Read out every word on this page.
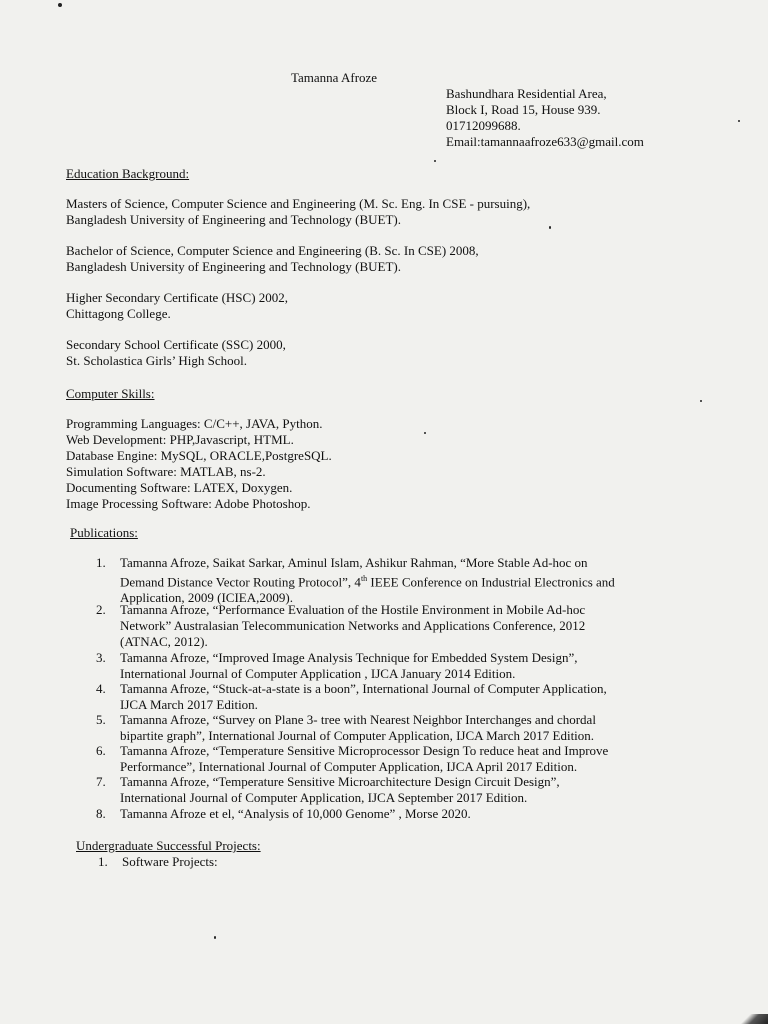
Tamanna Afroze
Bashundhara Residential Area,
Block I, Road 15, House 939.
01712099688.
Email:tamannaafroze633@gmail.com
Education Background:
Masters of Science, Computer Science and Engineering (M. Sc. Eng. In CSE - pursuing),
Bangladesh University of Engineering and Technology (BUET).
Bachelor of Science, Computer Science and Engineering (B. Sc. In CSE) 2008,
Bangladesh University of Engineering and Technology (BUET).
Higher Secondary Certificate (HSC) 2002,
Chittagong College.
Secondary School Certificate (SSC) 2000,
St. Scholastica Girls’ High School.
Computer Skills:
Programming Languages: C/C++, JAVA, Python.
Web Development: PHP,Javascript, HTML.
Database Engine: MySQL, ORACLE,PostgreSQL.
Simulation Software: MATLAB, ns-2.
Documenting Software: LATEX, Doxygen.
Image Processing Software: Adobe Photoshop.
Publications:
1. Tamanna Afroze, Saikat Sarkar, Aminul Islam, Ashikur Rahman, “More Stable Ad-hoc on
Demand Distance Vector Routing Protocol”, 4th IEEE Conference on Industrial Electronics and
Application, 2009 (ICIEA,2009).
2. Tamanna Afroze, “Performance Evaluation of the Hostile Environment in Mobile Ad-hoc
Network” Australasian Telecommunication Networks and Applications Conference, 2012
(ATNAC, 2012).
3. Tamanna Afroze, “Improved Image Analysis Technique for Embedded System Design”,
International Journal of Computer Application , IJCA January 2014 Edition.
4. Tamanna Afroze, “Stuck-at-a-state is a boon”, International Journal of Computer Application,
IJCA March 2017 Edition.
5. Tamanna Afroze, “Survey on Plane 3- tree with Nearest Neighbor Interchanges and chordal
bipartite graph”, International Journal of Computer Application, IJCA March 2017 Edition.
6. Tamanna Afroze, “Temperature Sensitive Microprocessor Design To reduce heat and Improve
Performance”, International Journal of Computer Application, IJCA April 2017 Edition.
7. Tamanna Afroze, “Temperature Sensitive Microarchitecture Design Circuit Design”,
International Journal of Computer Application, IJCA September 2017 Edition.
8. Tamanna Afroze et el, “Analysis of 10,000 Genome” , Morse 2020.
Undergraduate Successful Projects:
1. Software Projects:
